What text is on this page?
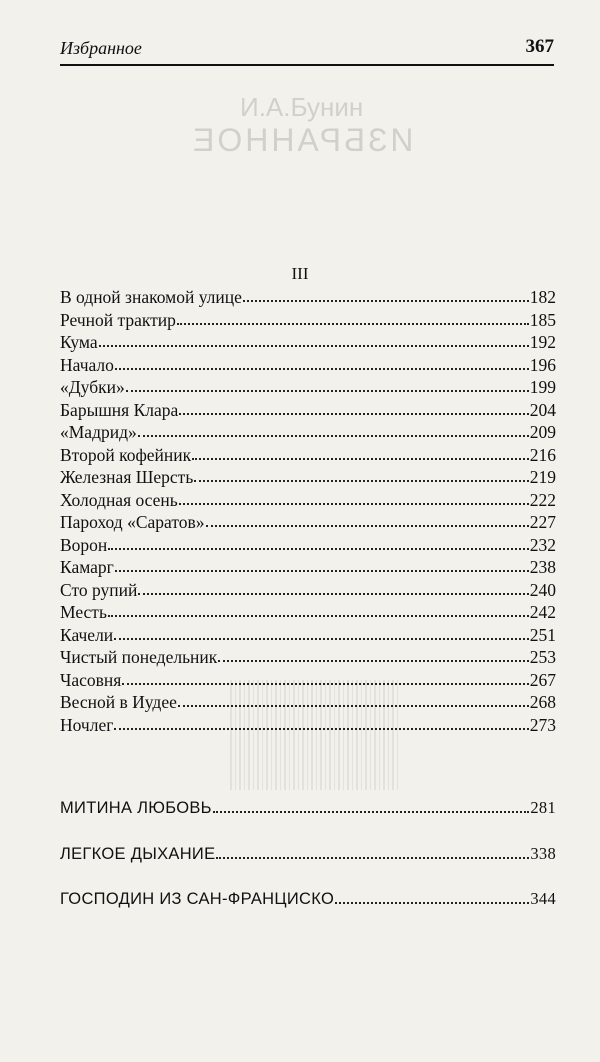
И.А.Бунин
ИЗБРАННОЕ
Избранное	367
III
В одной знакомой улице	182
Речной трактир	185
Кума	192
Начало	196
«Дубки»	199
Барышня Клара	204
«Мадрид»	209
Второй кофейник	216
Железная Шерсть	219
Холодная осень	222
Пароход «Саратов»	227
Ворон	232
Камарг	238
Сто рупий	240
Месть	242
Качели	251
Чистый понедельник	253
Часовня	267
Весной в Иудее	268
Ночлег	273
МИТИНА ЛЮБОВЬ	281
ЛЕГКОЕ ДЫХАНИЕ	338
ГОСПОДИН ИЗ САН-ФРАНЦИСКО	344
